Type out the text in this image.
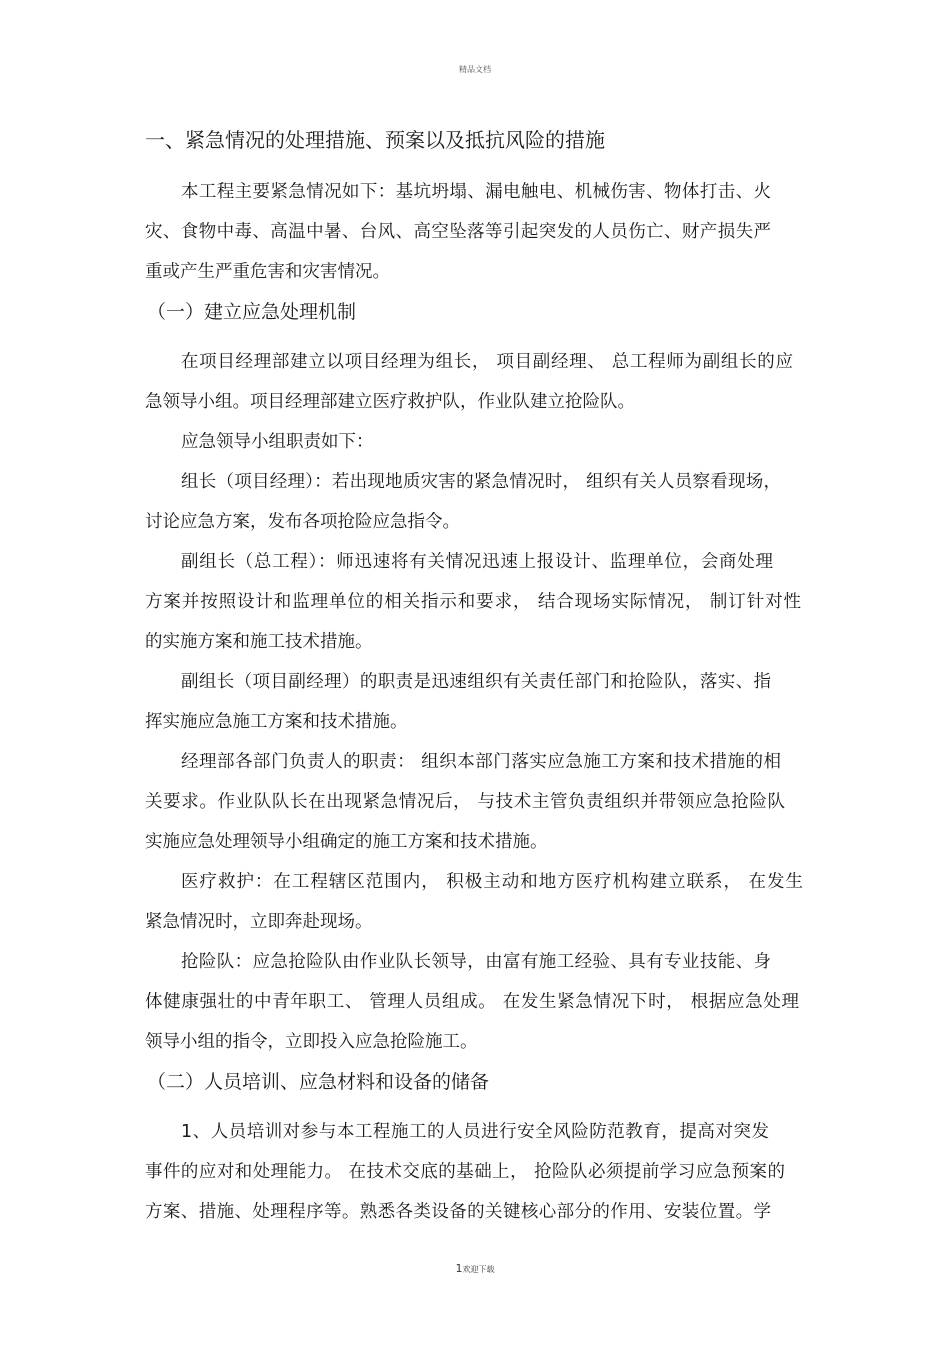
精品文档
一、紧急情况的处理措施、预案以及抵抗风险的措施
本工程主要紧急情况如下：基坑坍塌、漏电触电、机械伤害、物体打击、火
灾、食物中毒、高温中暑、台风、高空坠落等引起突发的人员伤亡、财产损失严
重或产生严重危害和灾害情况。
（一）建立应急处理机制
在项目经理部建立以项目经理为组长， 项目副经理、 总工程师为副组长的应
急领导小组。项目经理部建立医疗救护队，作业队建立抢险队。
应急领导小组职责如下：
组长（项目经理）：若出现地质灾害的紧急情况时， 组织有关人员察看现场，
讨论应急方案，发布各项抢险应急指令。
副组长（总工程）：师迅速将有关情况迅速上报设计、监理单位，会商处理
方案并按照设计和监理单位的相关指示和要求， 结合现场实际情况， 制订针对性
的实施方案和施工技术措施。
副组长（项目副经理）的职责是迅速组织有关责任部门和抢险队，落实、指
挥实施应急施工方案和技术措施。
经理部各部门负责人的职责： 组织本部门落实应急施工方案和技术措施的相
关要求。作业队队长在出现紧急情况后， 与技术主管负责组织并带领应急抢险队
实施应急处理领导小组确定的施工方案和技术措施。
医疗救护：在工程辖区范围内， 积极主动和地方医疗机构建立联系， 在发生
紧急情况时，立即奔赴现场。
抢险队：应急抢险队由作业队长领导，由富有施工经验、具有专业技能、身
体健康强壮的中青年职工、 管理人员组成。 在发生紧急情况下时， 根据应急处理
领导小组的指令，立即投入应急抢险施工。
（二）人员培训、应急材料和设备的储备
1、人员培训对参与本工程施工的人员进行安全风险防范教育，提高对突发
事件的应对和处理能力。 在技术交底的基础上， 抢险队必须提前学习应急预案的
方案、措施、处理程序等。熟悉各类设备的关键核心部分的作用、安装位置。学
1欢迎下载
